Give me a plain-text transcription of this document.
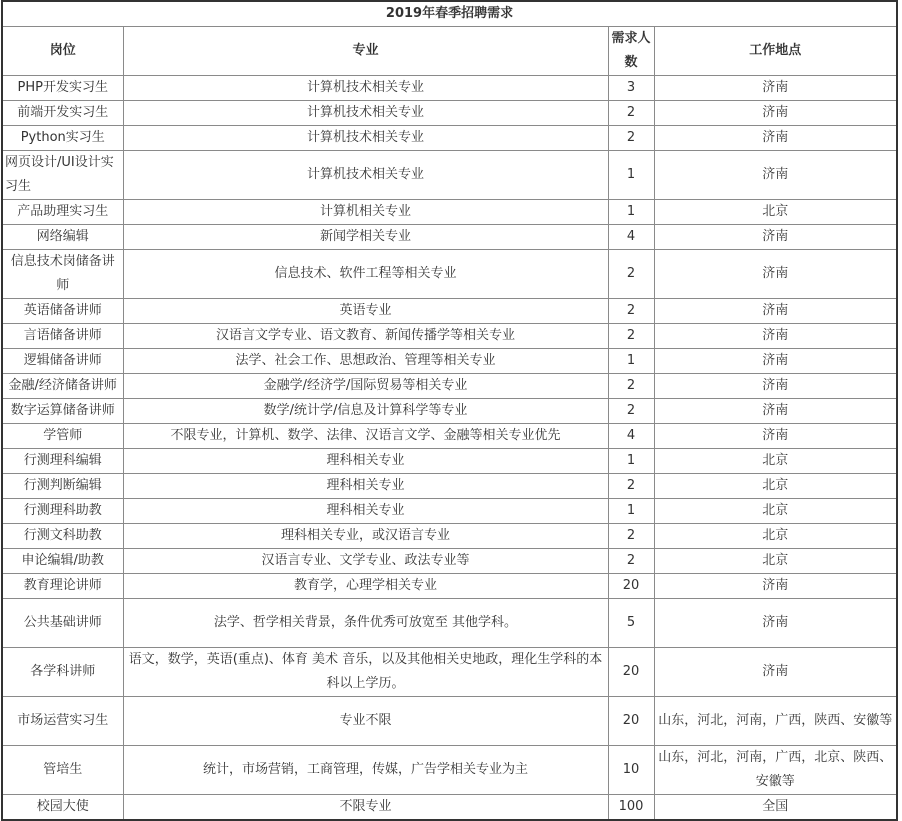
2019年春季招聘需求			
岗位	专业	需求人数	工作地点
PHP开发实习生	计算机技术相关专业	3	济南
前端开发实习生	计算机技术相关专业	2	济南
Python实习生	计算机技术相关专业	2	济南
网页设计/UI设计实习生	计算机技术相关专业	1	济南
产品助理实习生	计算机相关专业	1	北京
网络编辑	新闻学相关专业	4	济南
信息技术岗储备讲师	信息技术、软件工程等相关专业	2	济南
英语储备讲师	英语专业	2	济南
言语储备讲师	汉语言文学专业、语文教育、新闻传播学等相关专业	2	济南
逻辑储备讲师	法学、社会工作、思想政治、管理等相关专业	1	济南
金融/经济储备讲师	金融学/经济学/国际贸易等相关专业	2	济南
数字运算储备讲师	数学/统计学/信息及计算科学等专业	2	济南
学管师	不限专业，计算机、数学、法律、汉语言文学、金融等相关专业优先	4	济南
行测理科编辑	理科相关专业	1	北京
行测判断编辑	理科相关专业	2	北京
行测理科助教	理科相关专业	1	北京
行测文科助教	理科相关专业，或汉语言专业	2	北京
申论编辑/助教	汉语言专业、文学专业、政法专业等	2	北京
教育理论讲师	教育学，心理学相关专业	20	济南
公共基础讲师	法学、哲学相关背景，条件优秀可放宽至 其他学科。	5	济南
各学科讲师	语文，数学，英语(重点)、体育 美术 音乐，以及其他相关史地政，理化生学科的本科以上学历。	20	济南
市场运营实习生	专业不限	20	山东，河北，河南，广西，陕西、安徽等
管培生	统计，市场营销，工商管理，传媒，广告学相关专业为主	10	山东，河北，河南，广西，北京、陕西、安徽等
校园大使	不限专业	100	全国
